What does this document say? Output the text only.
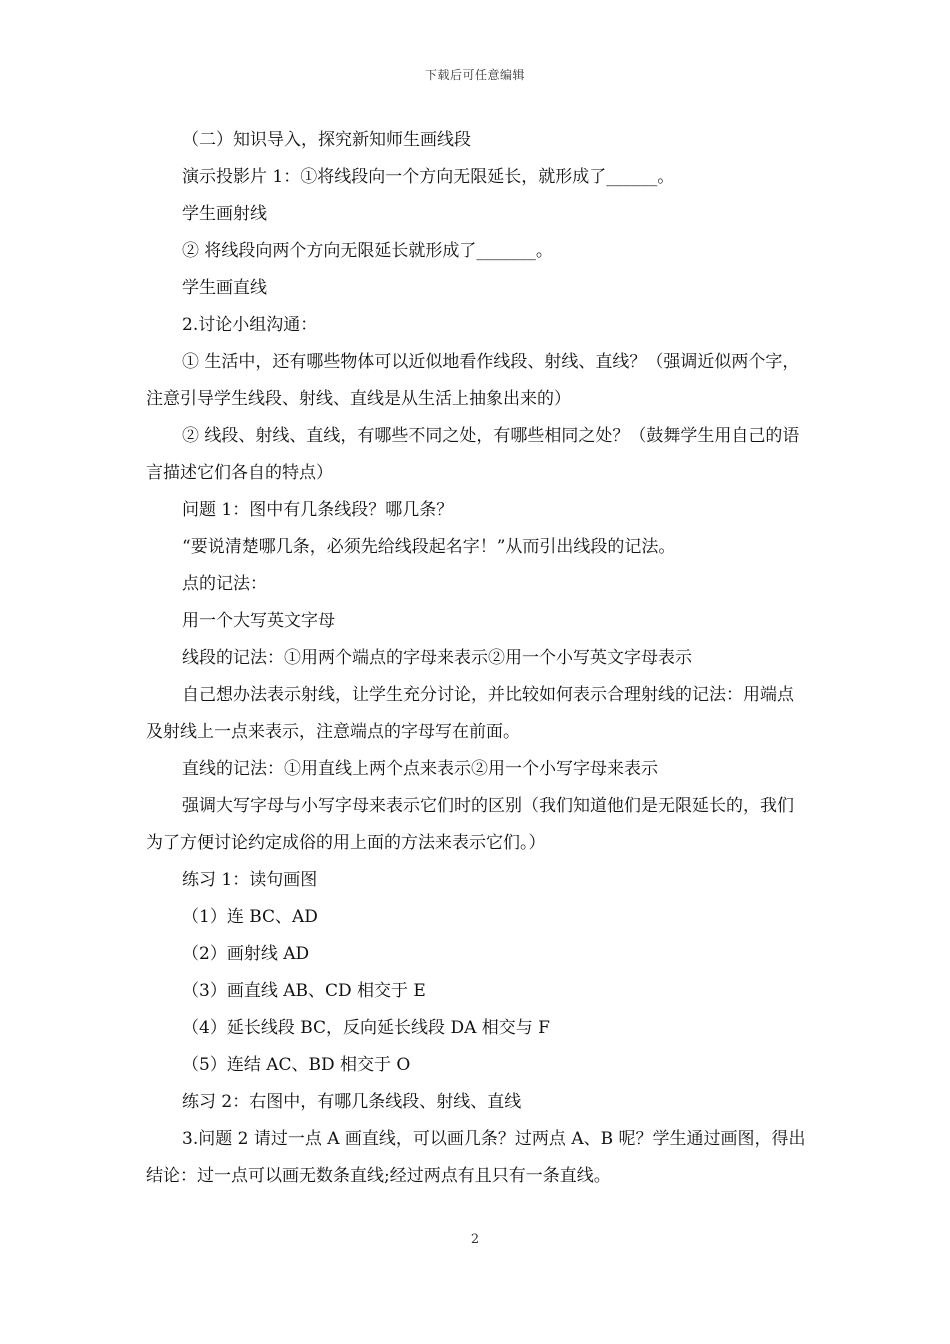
下载后可任意编辑

（二）知识导入，探究新知师生画线段

演示投影片 1：①将线段向一个方向无限延长，就形成了______。

学生画射线

② 将线段向两个方向无限延长就形成了_______。

学生画直线

2.讨论小组沟通：

① 生活中，还有哪些物体可以近似地看作线段、射线、直线？（强调近似两个字，注意引导学生线段、射线、直线是从生活上抽象出来的）

② 线段、射线、直线，有哪些不同之处，有哪些相同之处？（鼓舞学生用自己的语言描述它们各自的特点）

问题 1：图中有几条线段？哪几条？

“要说清楚哪几条，必须先给线段起名字！”从而引出线段的记法。

点的记法：

用一个大写英文字母

线段的记法：①用两个端点的字母来表示②用一个小写英文字母表示

自己想办法表示射线，让学生充分讨论，并比较如何表示合理射线的记法：用端点及射线上一点来表示，注意端点的字母写在前面。

直线的记法：①用直线上两个点来表示②用一个小写字母来表示

强调大写字母与小写字母来表示它们时的区别（我们知道他们是无限延长的，我们为了方便讨论约定成俗的用上面的方法来表示它们。）

练习 1：读句画图

（1）连 BC、AD

（2）画射线 AD

（3）画直线 AB、CD 相交于 E

（4）延长线段 BC，反向延长线段 DA 相交与 F

（5）连结 AC、BD 相交于 O

练习 2：右图中，有哪几条线段、射线、直线

3.问题 2 请过一点 A 画直线，可以画几条？过两点 A、B 呢？学生通过画图，得出结论：过一点可以画无数条直线;经过两点有且只有一条直线。

2
